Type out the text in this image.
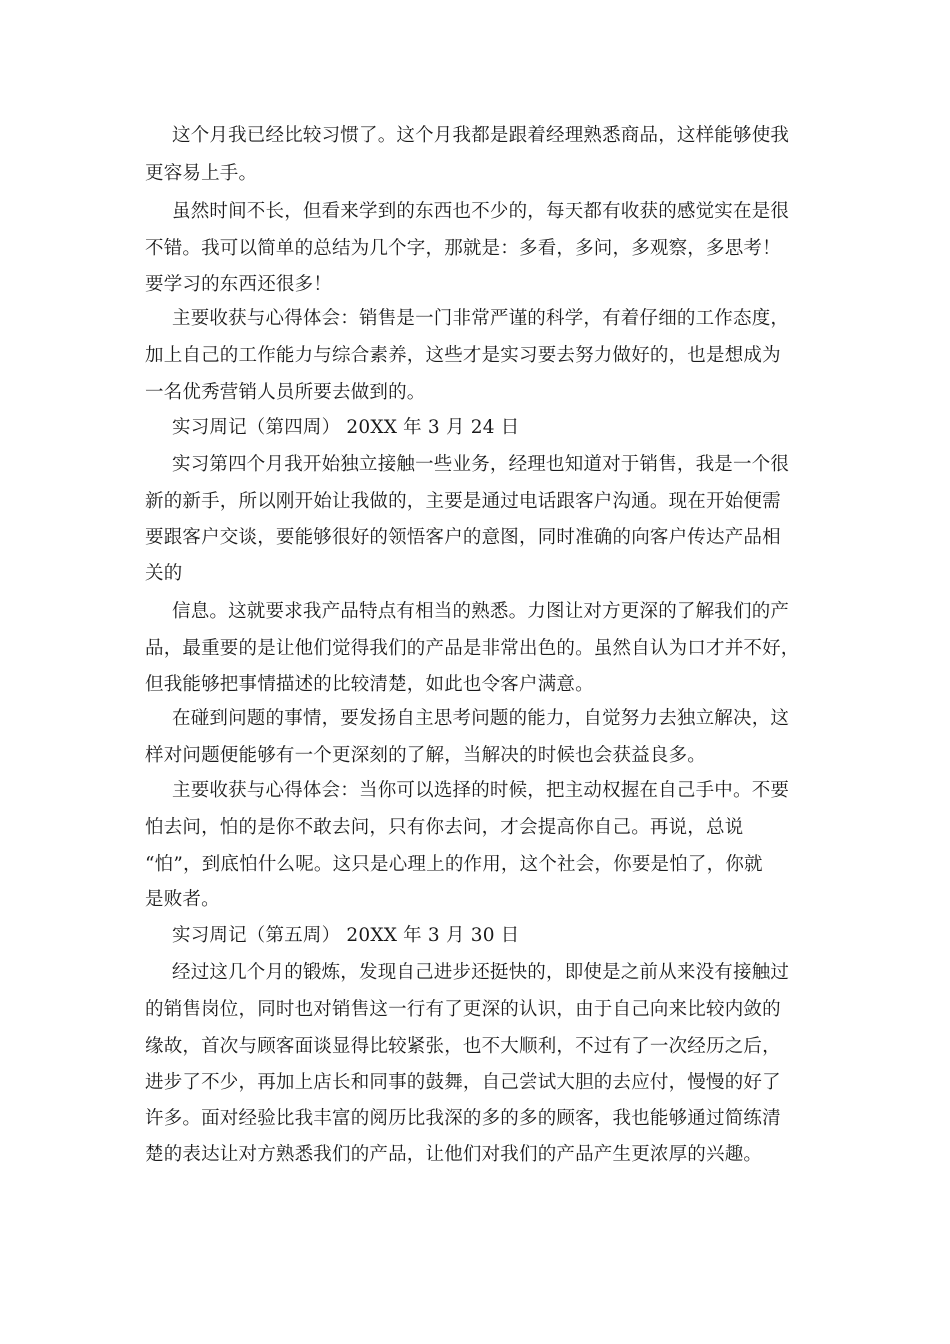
这个月我已经比较习惯了。这个月我都是跟着经理熟悉商品，这样能够使我
更容易上手。
虽然时间不长，但看来学到的东西也不少的，每天都有收获的感觉实在是很
不错。我可以简单的总结为几个字，那就是：多看，多问，多观察，多思考！
要学习的东西还很多！
主要收获与心得体会：销售是一门非常严谨的科学，有着仔细的工作态度，
加上自己的工作能力与综合素养，这些才是实习要去努力做好的，也是想成为
一名优秀营销人员所要去做到的。
实习周记（第四周） 20XX 年 3 月 24 日
实习第四个月我开始独立接触一些业务，经理也知道对于销售，我是一个很
新的新手，所以刚开始让我做的，主要是通过电话跟客户沟通。现在开始便需
要跟客户交谈，要能够很好的领悟客户的意图，同时准确的向客户传达产品相
关的
信息。这就要求我产品特点有相当的熟悉。力图让对方更深的了解我们的产
品，最重要的是让他们觉得我们的产品是非常出色的。虽然自认为口才并不好，
但我能够把事情描述的比较清楚，如此也令客户满意。
在碰到问题的事情，要发扬自主思考问题的能力，自觉努力去独立解决，这
样对问题便能够有一个更深刻的了解，当解决的时候也会获益良多。
主要收获与心得体会：当你可以选择的时候，把主动权握在自己手中。不要
怕去问，怕的是你不敢去问，只有你去问，才会提高你自己。再说，总说
“怕”，到底怕什么呢。这只是心理上的作用，这个社会，你要是怕了，你就
是败者。
实习周记（第五周） 20XX 年 3 月 30 日
经过这几个月的锻炼，发现自己进步还挺快的，即使是之前从来没有接触过
的销售岗位，同时也对销售这一行有了更深的认识，由于自己向来比较内敛的
缘故，首次与顾客面谈显得比较紧张，也不大顺利，不过有了一次经历之后，
进步了不少，再加上店长和同事的鼓舞，自己尝试大胆的去应付，慢慢的好了
许多。面对经验比我丰富的阅历比我深的多的多的顾客，我也能够通过简练清
楚的表达让对方熟悉我们的产品，让他们对我们的产品产生更浓厚的兴趣。
